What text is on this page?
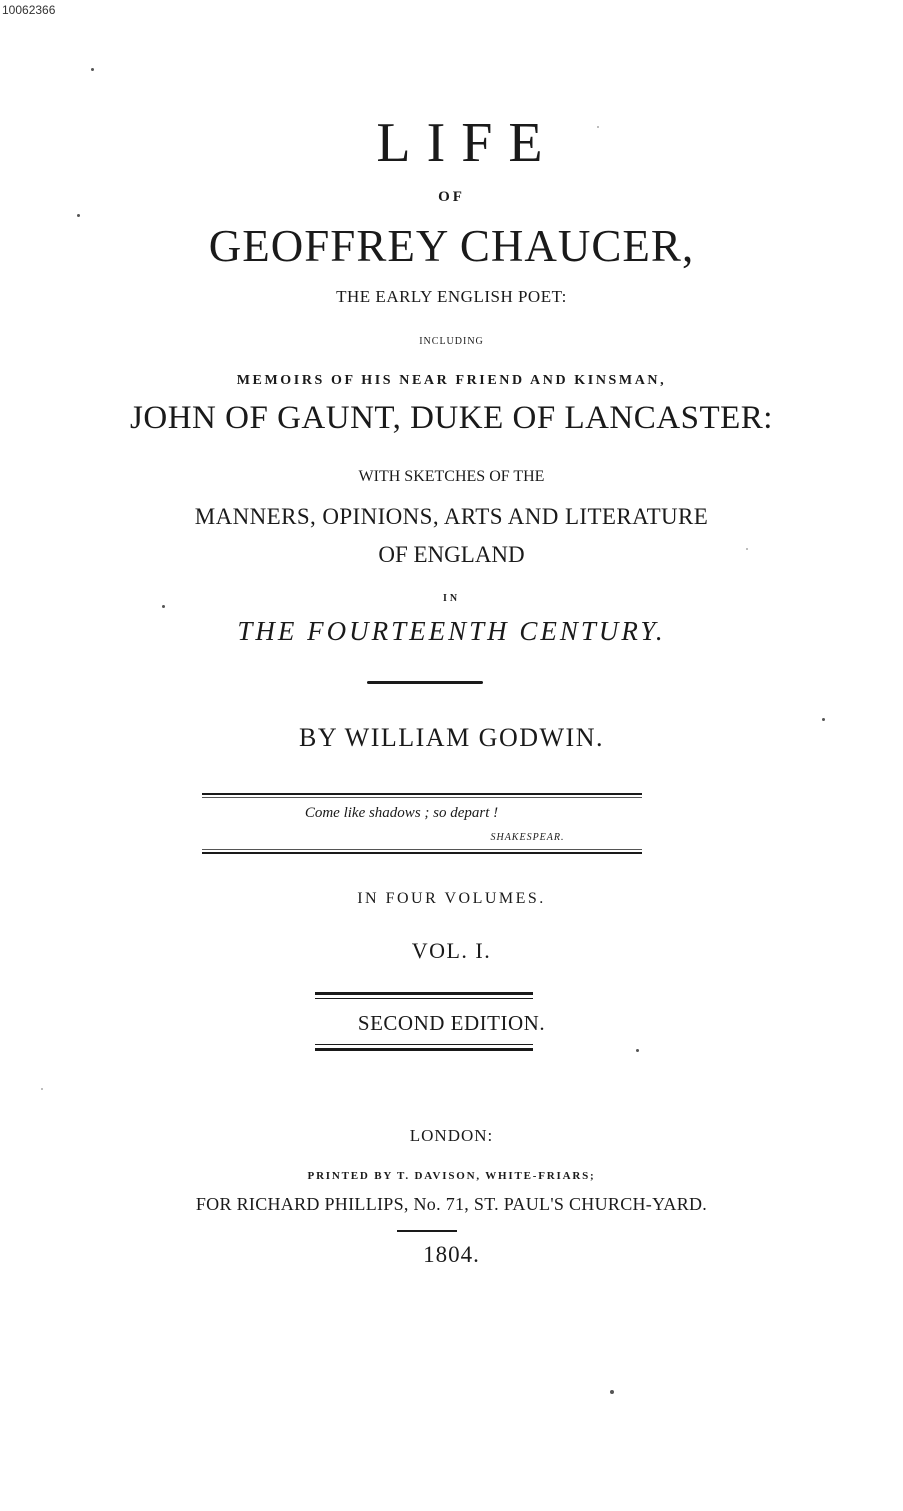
10062366
LIFE
OF
GEOFFREY CHAUCER,
THE EARLY ENGLISH POET:
INCLUDING
MEMOIRS OF HIS NEAR FRIEND AND KINSMAN,
JOHN OF GAUNT, DUKE OF LANCASTER:
WITH SKETCHES OF THE
MANNERS, OPINIONS, ARTS AND LITERATURE
OF ENGLAND
IN
THE FOURTEENTH CENTURY.
BY WILLIAM GODWIN.
Come like shadows ; so depart !
SHAKESPEAR.
IN FOUR VOLUMES.
VOL. I.
SECOND EDITION.
LONDON:
PRINTED BY T. DAVISON, WHITE-FRIARS;
FOR RICHARD PHILLIPS, No. 71, ST. PAUL'S CHURCH-YARD.
1804.
